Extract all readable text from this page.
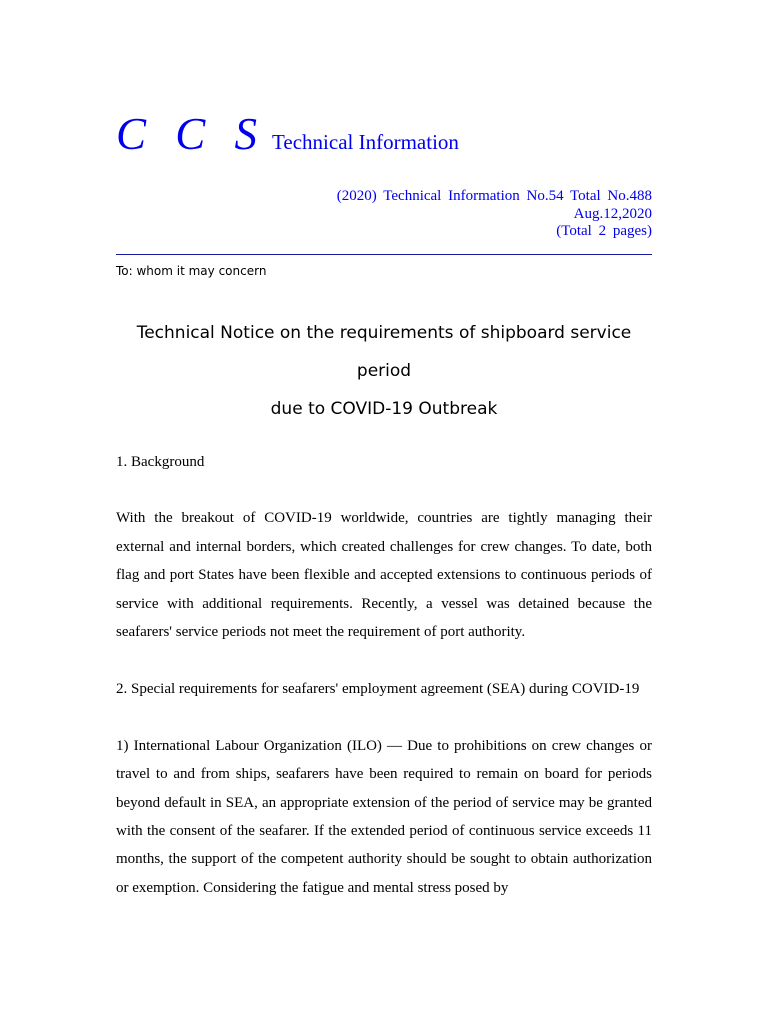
C C S Technical Information
(2020) Technical Information No.54 Total No.488
Aug.12,2020
(Total 2 pages)
To: whom it may concern
Technical Notice on the requirements of shipboard service period
due to COVID-19 Outbreak

1. Background

With the breakout of COVID-19 worldwide, countries are tightly managing their external and internal borders, which created challenges for crew changes. To date, both flag and port States have been flexible and accepted extensions to continuous periods of service with additional requirements. Recently, a vessel was detained because the seafarers' service periods not meet the requirement of port authority.

2. Special requirements for seafarers' employment agreement (SEA) during COVID-19

1) International Labour Organization (ILO) — Due to prohibitions on crew changes or travel to and from ships, seafarers have been required to remain on board for periods beyond default in SEA, an appropriate extension of the period of service may be granted with the consent of the seafarer. If the extended period of continuous service exceeds 11 months, the support of the competent authority should be sought to obtain authorization or exemption. Considering the fatigue and mental stress posed by
